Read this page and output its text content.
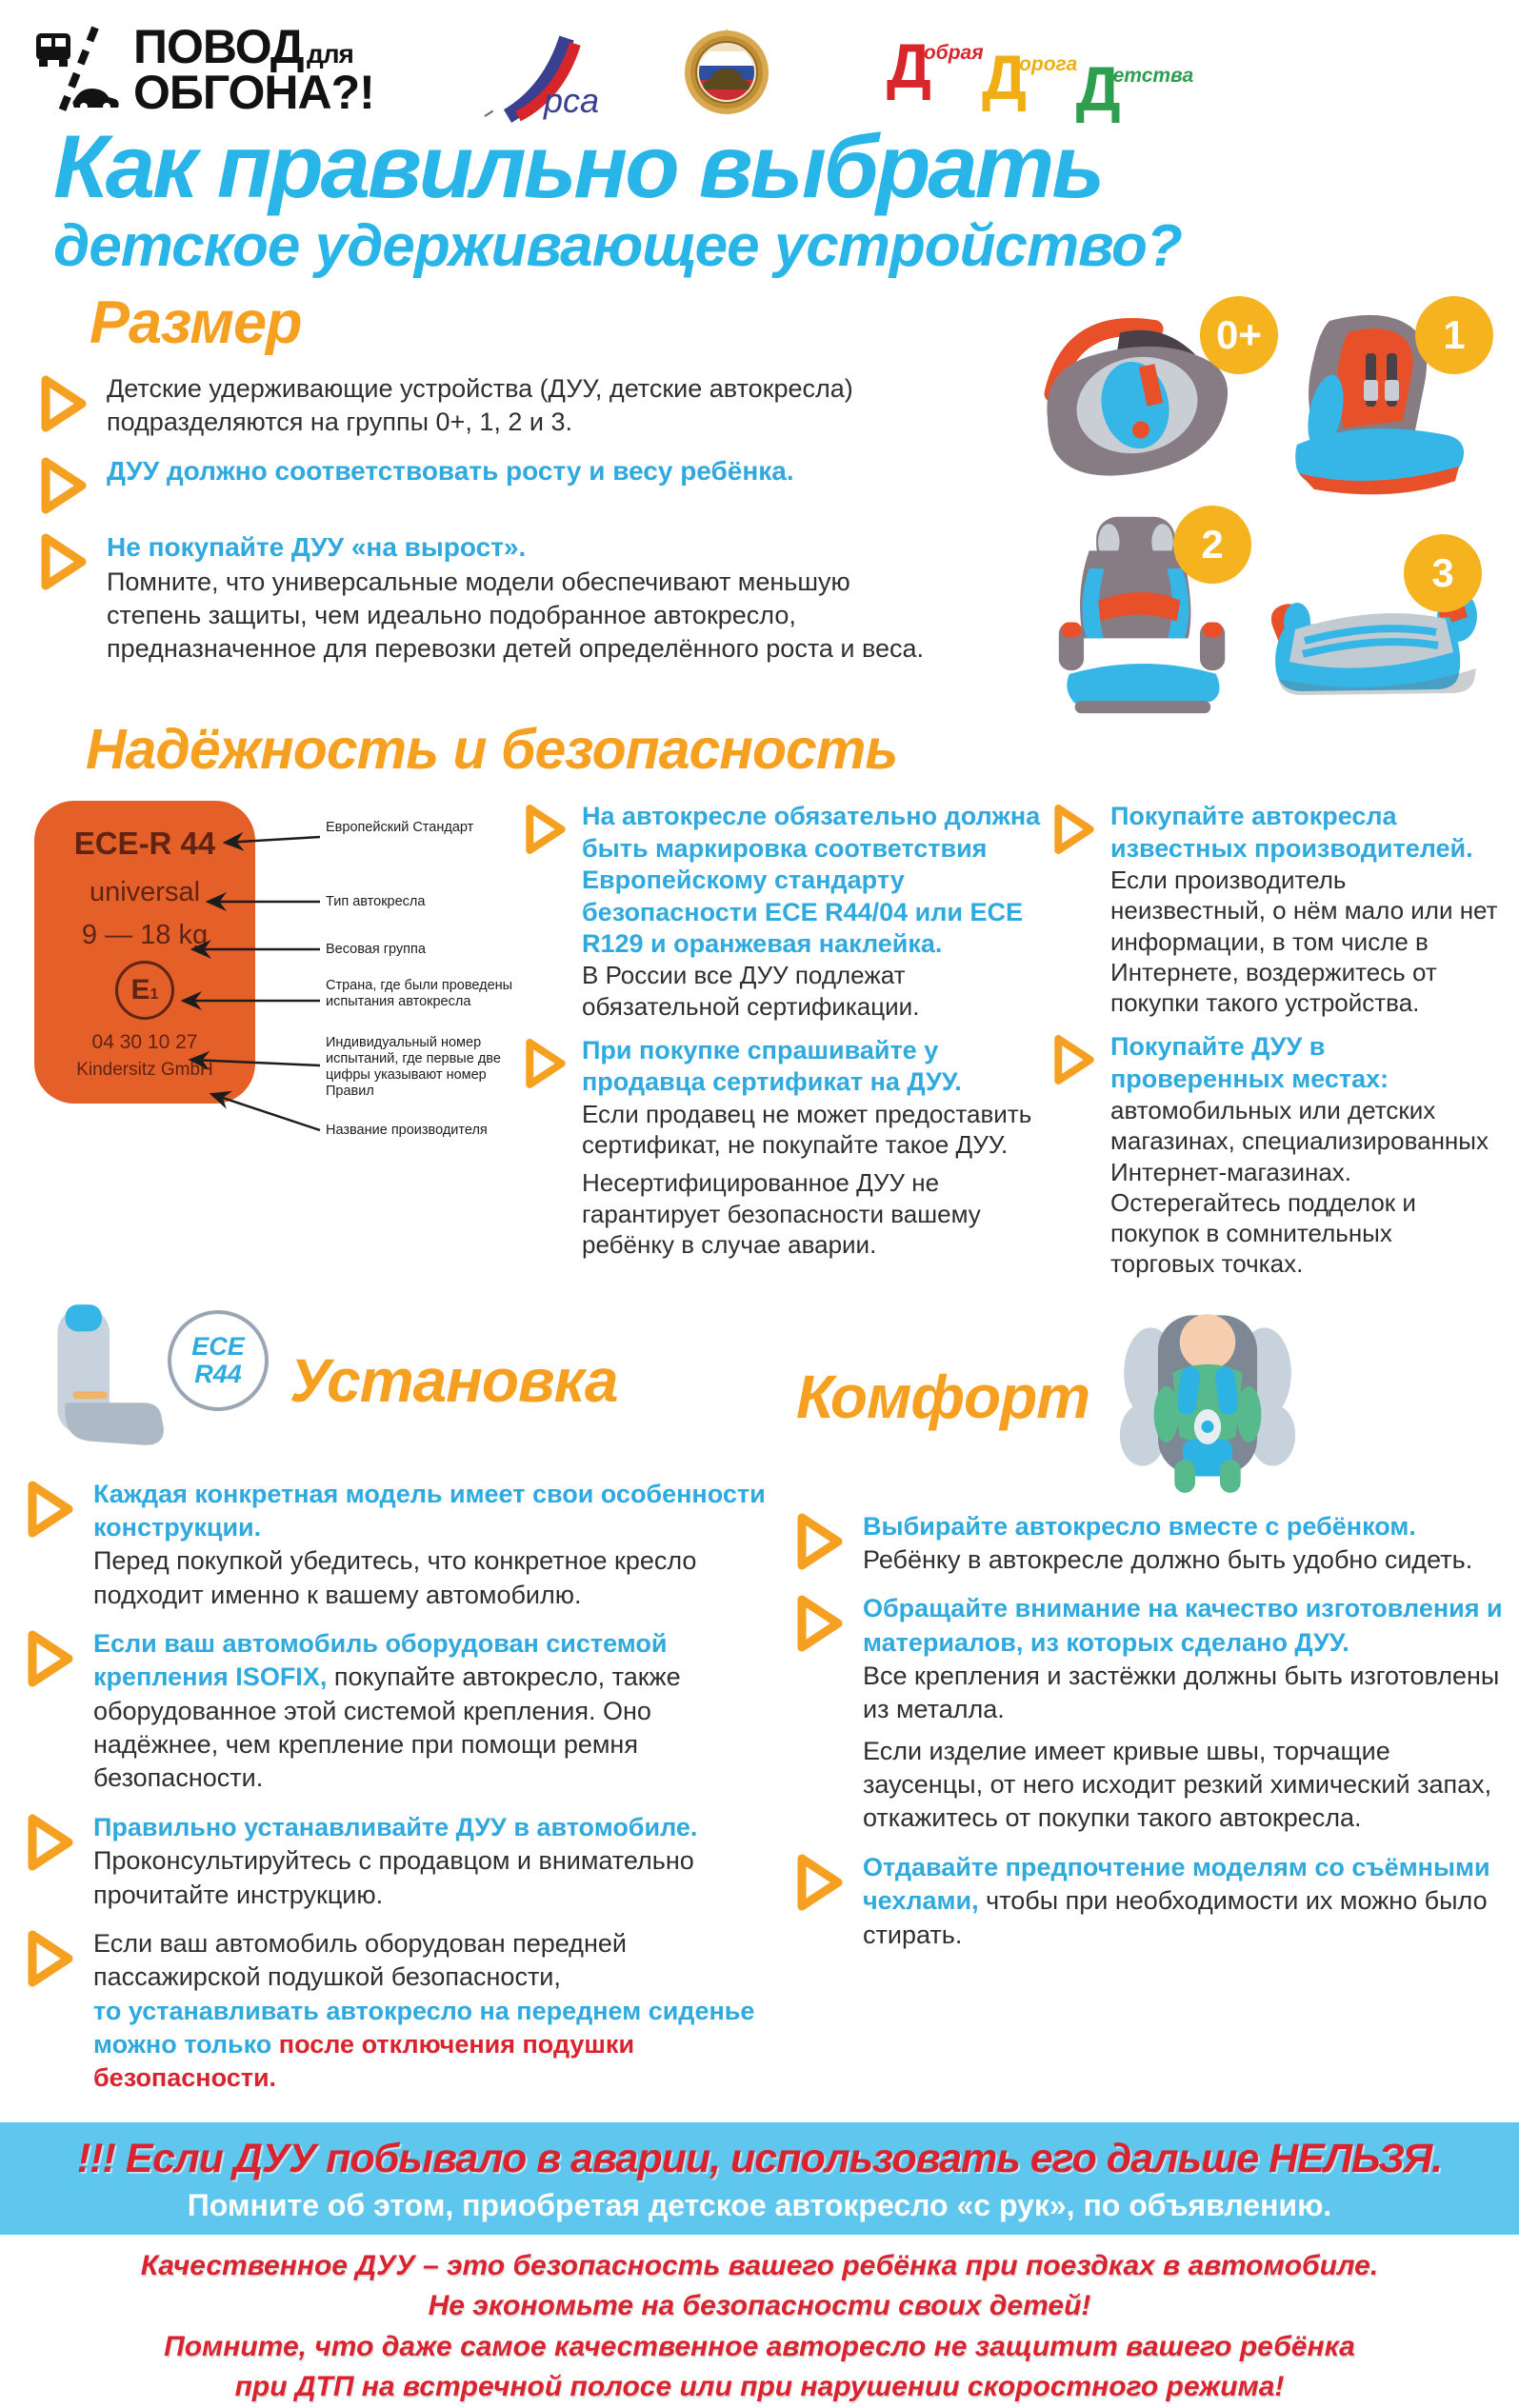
ПОВОД для
ОБГОНА?!	рса	Добрая Дорога Детства
Как правильно выбрать
детское удерживающее устройство?
Размер
Детские удерживающие устройства (ДУУ, детские автокресла) подразделяются на группы 0+, 1, 2 и 3.
ДУУ должно соответствовать росту и весу ребёнка.
Не покупайте ДУУ «на вырост».
Помните, что универсальные модели обеспечивают меньшую степень защиты, чем идеально подобранное автокресло, предназначенное для перевозки детей определённого роста и веса.
0+	1
2
3
Надёжность и безопасность
ECE-R 44
universal
9 — 18 kg
E 1
04 30 10 27
Kindersitz GmbH
Европейский Стандарт
Тип автокресла
Весовая группа
Страна, где были проведены испытания автокресла
Индивидуальный номер испытаний, где первые две цифры указывают номер Правил
Название производителя
На автокресле обязательно должна быть маркировка соответствия Европейскому стандарту безопасности ECE R44/04 или ECE R129 и оранжевая наклейка.
В России все ДУУ подлежат обязательной сертификации.
При покупке спрашивайте у продавца сертификат на ДУУ.
Если продавец не может предоставить сертификат, не покупайте такое ДУУ.
Несертифицированное ДУУ не гарантирует безопасности вашему ребёнку в случае аварии.
Покупайте автокресла известных производителей.
Если производитель неизвестный, о нём мало или нет информации, в том числе в Интернете, воздержитесь от покупки такого устройства.
Покупайте ДУУ в проверенных местах:
автомобильных или детских магазинах, специализированных Интернет-магазинах. Остерегайтесь подделок и покупок в сомнительных торговых точках.
ECE
R44 Установка
Каждая конкретная модель имеет свои особенности конструкции.
Перед покупкой убедитесь, что конкретное кресло подходит именно к вашему автомобилю.
Если ваш автомобиль оборудован системой крепления ISOFIX, покупайте автокресло, также оборудованное этой системой крепления. Оно надёжнее, чем крепление при помощи ремня безопасности.
Правильно устанавливайте ДУУ в автомобиле.
Проконсультируйтесь с продавцом и внимательно прочитайте инструкцию.
Если ваш автомобиль оборудован передней пассажирской подушкой безопасности,
то устанавливать автокресло на переднем сиденье можно только после отключения подушки безопасности.
Комфорт
Выбирайте автокресло вместе с ребёнком.
Ребёнку в автокресле должно быть удобно сидеть.
Обращайте внимание на качество изготовления и материалов, из которых сделано ДУУ.
Все крепления и застёжки должны быть изготовлены из металла.
Если изделие имеет кривые швы, торчащие заусенцы, от него исходит резкий химический запах, откажитесь от покупки такого автокресла.
Отдавайте предпочтение моделям со съёмными чехлами, чтобы при необходимости их можно было стирать.
!!! Если ДУУ побывало в аварии, использовать его дальше НЕЛЬЗЯ.
Помните об этом, приобретая детское автокресло «с рук», по объявлению.
Качественное ДУУ – это безопасность вашего ребёнка при поездках в автомобиле.
Не экономьте на безопасности своих детей!
Помните, что даже самое качественное авторесло не защитит вашего ребёнка
при ДТП на встречной полосе или при нарушении скоростного режима!
